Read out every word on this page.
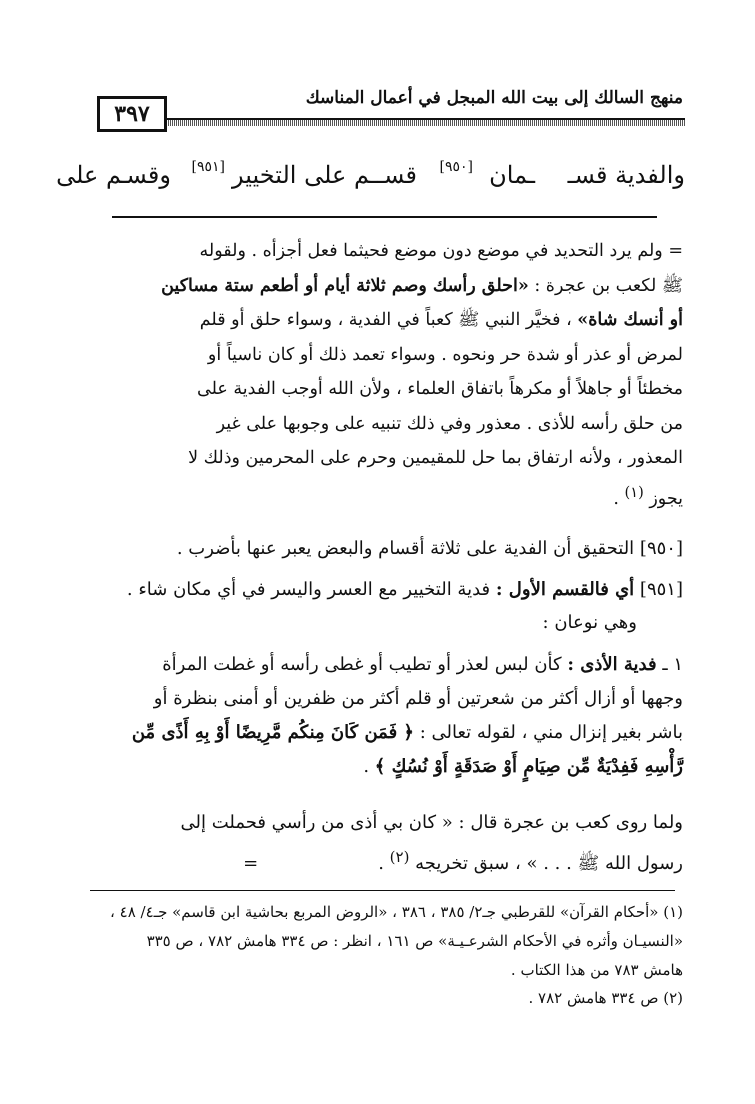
منهج السالك إلى بيت الله المبجل في أعمال المناسك
٣٩٧
والفدية قسـ
ـمان
[٩٥٠]
قسـ
ـم على التخيير
[٩٥١]
وقسـ
ـم على
= ولم يرد التحديد في موضع دون موضع فحيثما فعل أجزأه . ولقوله
ﷺ لكعب بن عجرة : «احلق رأسك وصم ثلاثة أيام أو أطعم ستة مساكين
أو أنسك شاة» ، فخيَّر النبي ﷺ كعباً في الفدية ، وسواء حلق أو قلم
لمرض أو عذر أو شدة حر ونحوه . وسواء تعمد ذلك أو كان ناسياً أو
مخطئاً أو جاهلاً أو مكرهاً باتفاق العلماء ، ولأن الله أوجب الفدية على
من حلق رأسه للأذى . معذور وفي ذلك تنبيه على وجوبها على غير
المعذور ، ولأنه ارتفاق بما حل للمقيمين وحرم على المحرمين وذلك لا
يجوز $^{(١)}$ .
[٩٥٠] التحقيق أن الفدية على ثلاثة أقسام والبعض يعبر عنها بأضرب .
[٩٥١] أي فالقسم الأول : فدية التخيير مع العسر واليسر في أي مكان شاء .
وهي نوعان :
١ ـ فدية الأذى : كأن لبس لعذر أو تطيب أو غطى رأسه أو غطت المرأة
وجهها أو أزال أكثر من شعرتين أو قلم أكثر من ظفرين أو أمنى بنظرة أو
باشر بغير إنزال مني ، لقوله تعالى : ﴿ فَمَن كَانَ مِنكُم مَّرِيضًا أَوْ بِهِ أَذًى مِّن
رَّأْسِهِ فَفِدْيَةٌ مِّن صِيَامٍ أَوْ صَدَقَةٍ أَوْ نُسُكٍ ﴾ .
ولما روى كعب بن عجرة قال : « كان بي أذى من رأسي فحملت إلى
رسول الله ﷺ . . . » ، سبق تخريجه $^{(٢)}$ .=
(١) «أحكام القرآن» للقرطبي جـ٢/ ٣٨٥ ، ٣٨٦ ، «الروض المربع بحاشية ابن قاسم» جـ٤/ ٤٨ ،
«النسيـان وأثره في الأحكام الشرعـيـة» ص ١٦١ ، انظر : ص ٣٣٤ هامش ٧٨٢ ، ص ٣٣٥
هامش ٧٨٣ من هذا الكتاب .
(٢) ص ٣٣٤ هامش ٧٨٢ .
